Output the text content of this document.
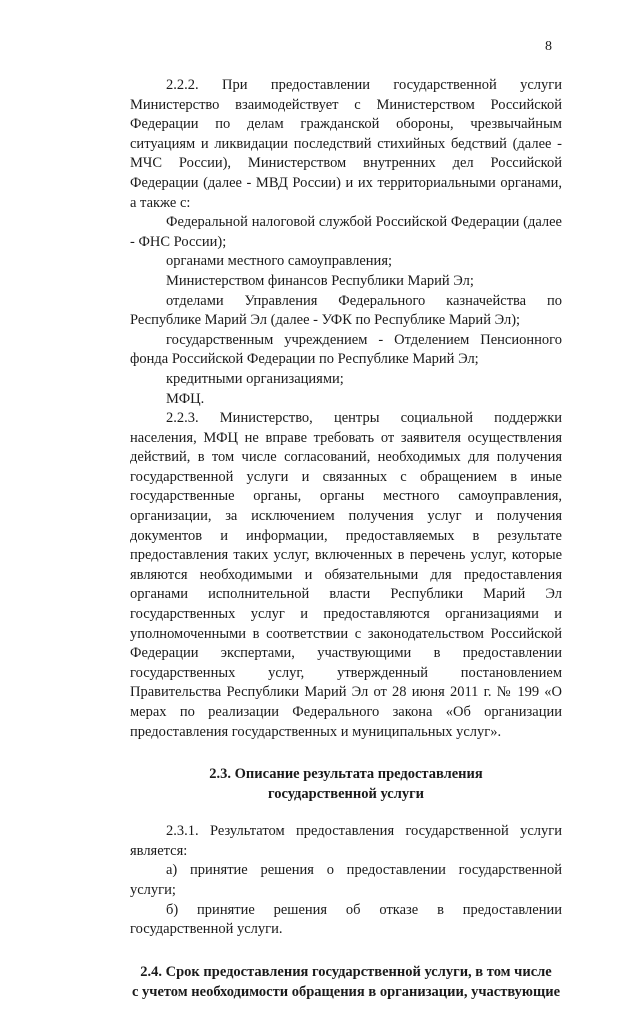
8

2.2.2. При предоставлении государственной услуги Министерство взаимодействует с Министерством Российской Федерации по делам гражданской обороны, чрезвычайным ситуациям и ликвидации последствий стихийных бедствий (далее - МЧС России), Министерством внутренних дел Российской Федерации (далее - МВД России) и их территориальными органами, а также с:

Федеральной налоговой службой Российской Федерации (далее - ФНС России);

органами местного самоуправления;

Министерством финансов Республики Марий Эл;

отделами Управления Федерального казначейства по Республике Марий Эл (далее - УФК по Республике Марий Эл);

государственным учреждением - Отделением Пенсионного фонда Российской Федерации по Республике Марий Эл;

кредитными организациями;

МФЦ.

2.2.3. Министерство, центры социальной поддержки населения, МФЦ не вправе требовать от заявителя осуществления действий, в том числе согласований, необходимых для получения государственной услуги и связанных с обращением в иные государственные органы, органы местного самоуправления, организации, за исключением получения услуг и получения документов и информации, предоставляемых в результате предоставления таких услуг, включенных в перечень услуг, которые являются необходимыми и обязательными для предоставления органами исполнительной власти Республики Марий Эл государственных услуг и предоставляются организациями и уполномоченными в соответствии с законодательством Российской Федерации экспертами, участвующими в предоставлении государственных услуг, утвержденный постановлением Правительства Республики Марий Эл от 28 июня 2011 г. № 199 «О мерах по реализации Федерального закона «Об организации предоставления государственных и муниципальных услуг».

2.3. Описание результата предоставления
государственной услуги

2.3.1. Результатом предоставления государственной услуги является:

а) принятие решения о предоставлении государственной услуги;

б) принятие решения об отказе в предоставлении государственной услуги.

2.4. Срок предоставления государственной услуги, в том числе
с учетом необходимости обращения в организации, участвующие
